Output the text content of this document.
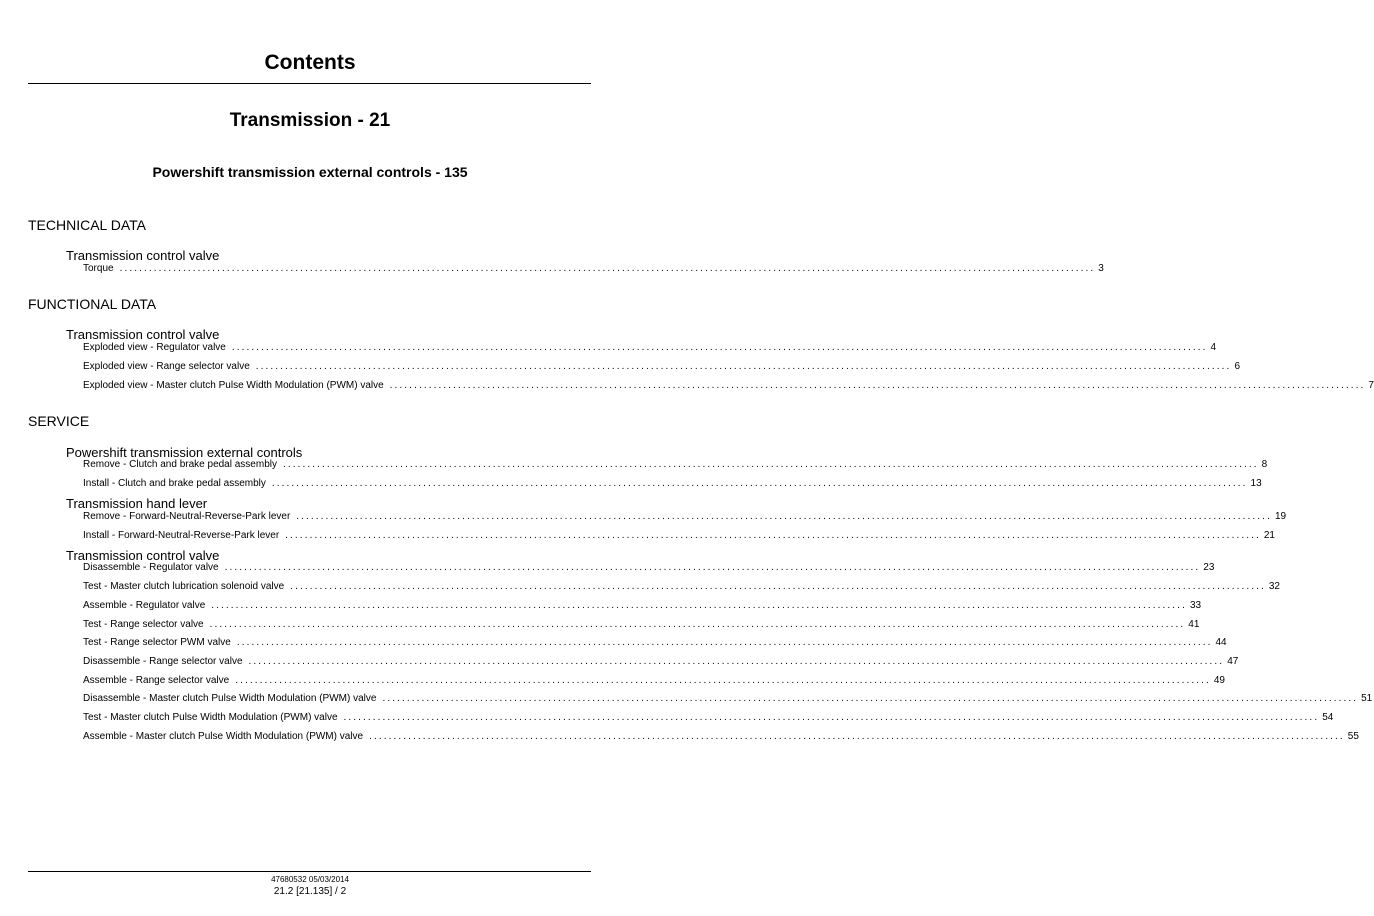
Contents
Transmission - 21
Powershift transmission external controls - 135
TECHNICAL DATA
Transmission control valve
Torque ........................................................................................................................................................................................................ 3
FUNCTIONAL DATA
Transmission control valve
Exploded view - Regulator valve ........................................................................................................................................................................................................ 4
Exploded view - Range selector valve ........................................................................................................................................................................................................ 6
Exploded view - Master clutch Pulse Width Modulation (PWM) valve ........................................................................................................................................................................................................ 7
SERVICE
Powershift transmission external controls
Remove - Clutch and brake pedal assembly ........................................................................................................................................................................................................ 8
Install - Clutch and brake pedal assembly ........................................................................................................................................................................................................ 13
Transmission hand lever
Remove - Forward-Neutral-Reverse-Park lever ........................................................................................................................................................................................................ 19
Install - Forward-Neutral-Reverse-Park lever ........................................................................................................................................................................................................ 21
Transmission control valve
Disassemble - Regulator valve ........................................................................................................................................................................................................ 23
Test - Master clutch lubrication solenoid valve ........................................................................................................................................................................................................ 32
Assemble - Regulator valve ........................................................................................................................................................................................................ 33
Test - Range selector valve ........................................................................................................................................................................................................ 41
Test - Range selector PWM valve ........................................................................................................................................................................................................ 44
Disassemble - Range selector valve ........................................................................................................................................................................................................ 47
Assemble - Range selector valve ........................................................................................................................................................................................................ 49
Disassemble - Master clutch Pulse Width Modulation (PWM) valve ........................................................................................................................................................................................................ 51
Test - Master clutch Pulse Width Modulation (PWM) valve ........................................................................................................................................................................................................ 54
Assemble - Master clutch Pulse Width Modulation (PWM) valve ........................................................................................................................................................................................................ 55
47680532 05/03/2014
21.2 [21.135] / 2
